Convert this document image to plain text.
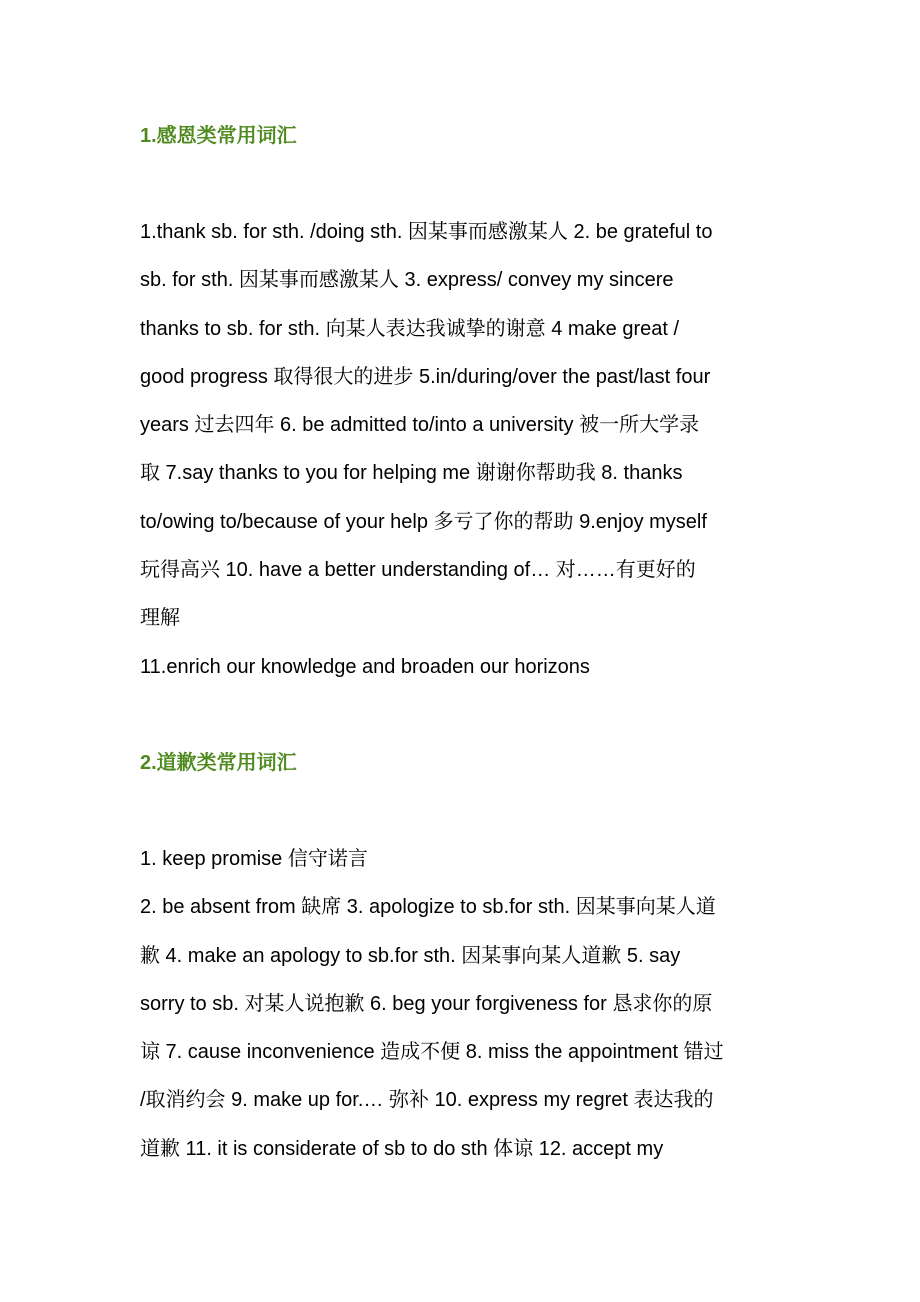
1.感恩类常用词汇
1.thank sb. for sth. /doing sth. 因某事而感激某人 2. be grateful to
sb. for sth. 因某事而感激某人 3. express/ convey my sincere
thanks to sb. for sth. 向某人表达我诚挚的谢意 4 make great /
good progress 取得很大的进步 5.in/during/over the past/last four
years 过去四年 6. be admitted to/into a university 被一所大学录
取 7.say thanks to you for helping me 谢谢你帮助我 8. thanks
to/owing to/because of your help 多亏了你的帮助 9.enjoy myself
玩得高兴 10. have a better understanding of… 对……有更好的
理解
11.enrich our knowledge and broaden our horizons
2.道歉类常用词汇
1. keep promise 信守诺言
2. be absent from 缺席 3. apologize to sb.for sth. 因某事向某人道
歉 4. make an apology to sb.for sth. 因某事向某人道歉 5. say
sorry to sb. 对某人说抱歉 6. beg your forgiveness for 恳求你的原
谅 7. cause inconvenience 造成不便 8. miss the appointment 错过
/取消约会 9. make up for.… 弥补 10. express my regret 表达我的
道歉 11. it is considerate of sb to do sth 体谅 12. accept my
